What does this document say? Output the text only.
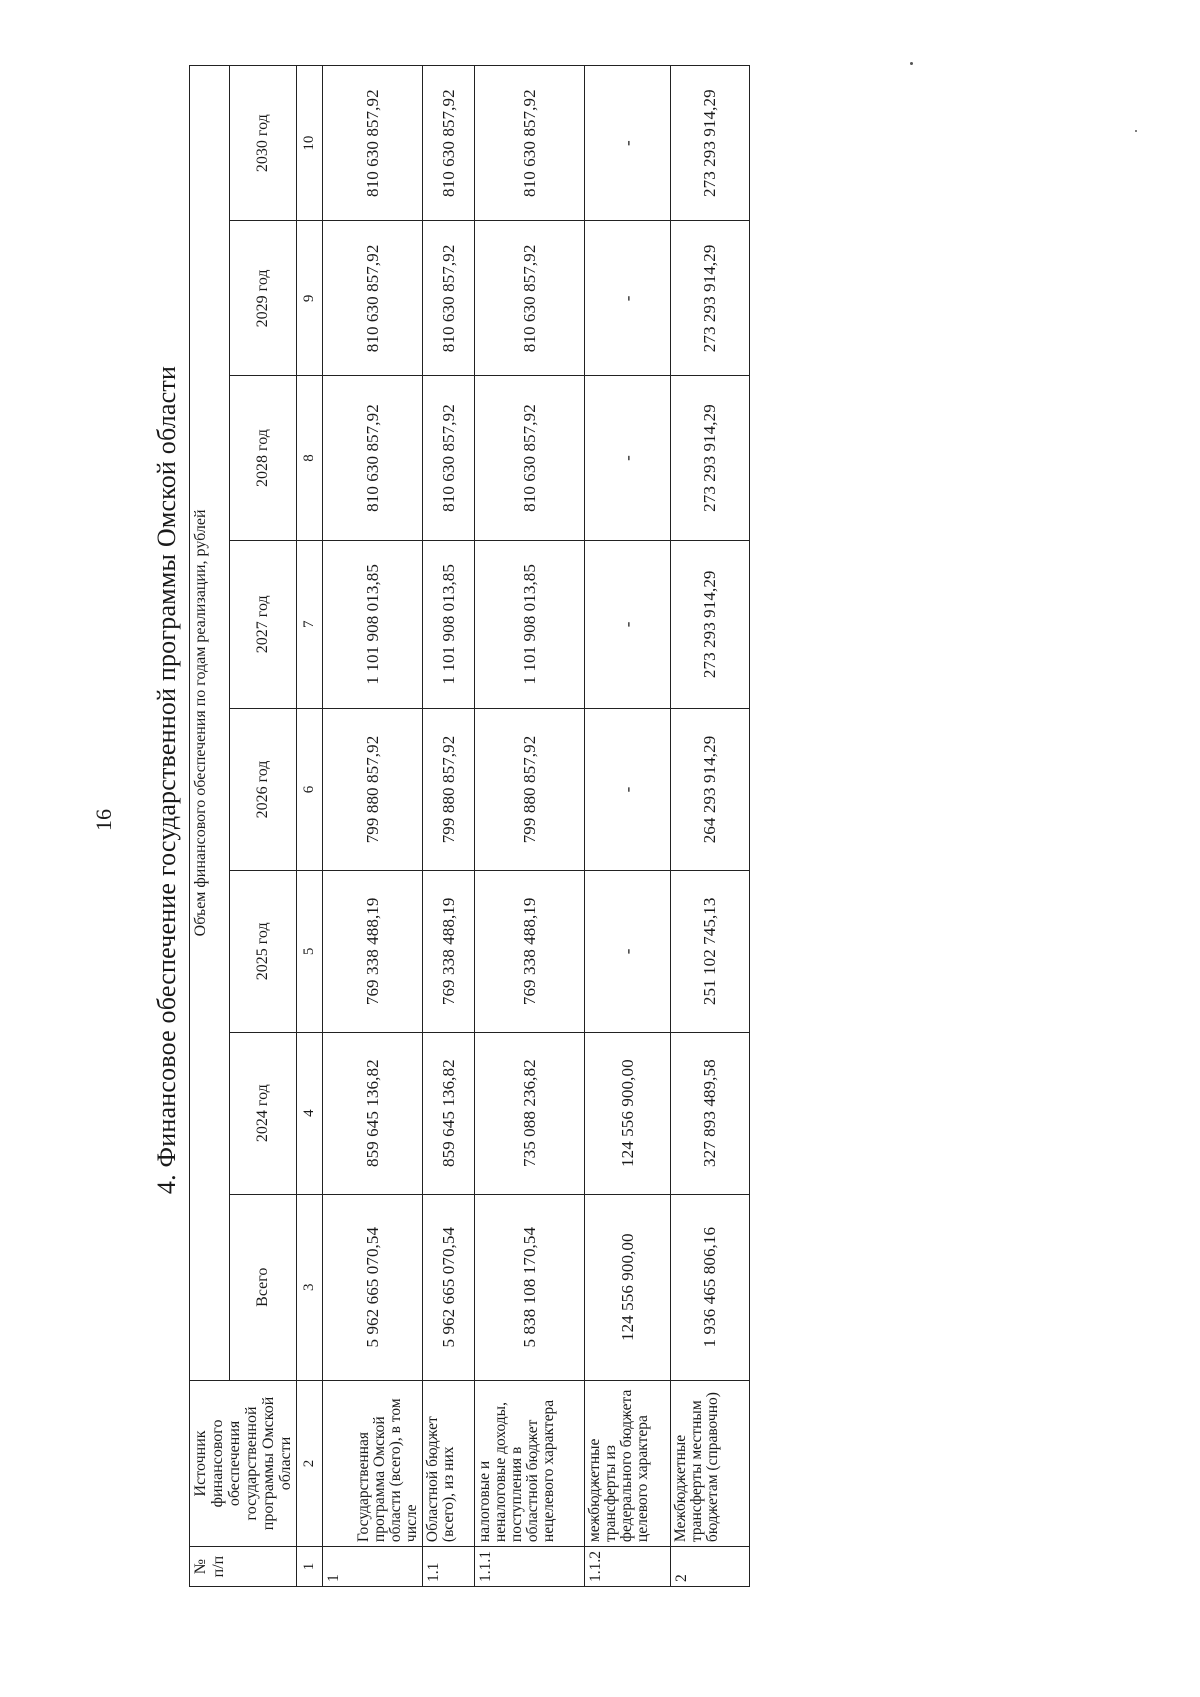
16 4. Финансовое обеспечение государственной программы Омской области
№ п/п	Источник финансового обеспечения государственной программы Омской области	Объем финансового обеспечения по годам реализации, рублей							
		Всего	2024 год	2025 год	2026 год	2027 год	2028 год	2029 год	2030 год
1	2	3	4	5	6	7	8	9	10
1	Государственная программа Омской области (всего), в том числе	5 962 665 070,54	859 645 136,82	769 338 488,19	799 880 857,92	1 101 908 013,85	810 630 857,92	810 630 857,92	810 630 857,92
1.1	Областной бюджет (всего), из них	5 962 665 070,54	859 645 136,82	769 338 488,19	799 880 857,92	1 101 908 013,85	810 630 857,92	810 630 857,92	810 630 857,92
1.1.1	налоговые и неналоговые доходы, поступления в областной бюджет нецелевого характера	5 838 108 170,54	735 088 236,82	769 338 488,19	799 880 857,92	1 101 908 013,85	810 630 857,92	810 630 857,92	810 630 857,92
1.1.2	межбюджетные трансферты из федерального бюджета целевого характера	124 556 900,00	124 556 900,00	-	-	-	-	-	-
2	Межбюджетные трансферты местным бюджетам (справочно)	1 936 465 806,16	327 893 489,58	251 102 745,13	264 293 914,29	273 293 914,29	273 293 914,29	273 293 914,29	273 293 914,29
